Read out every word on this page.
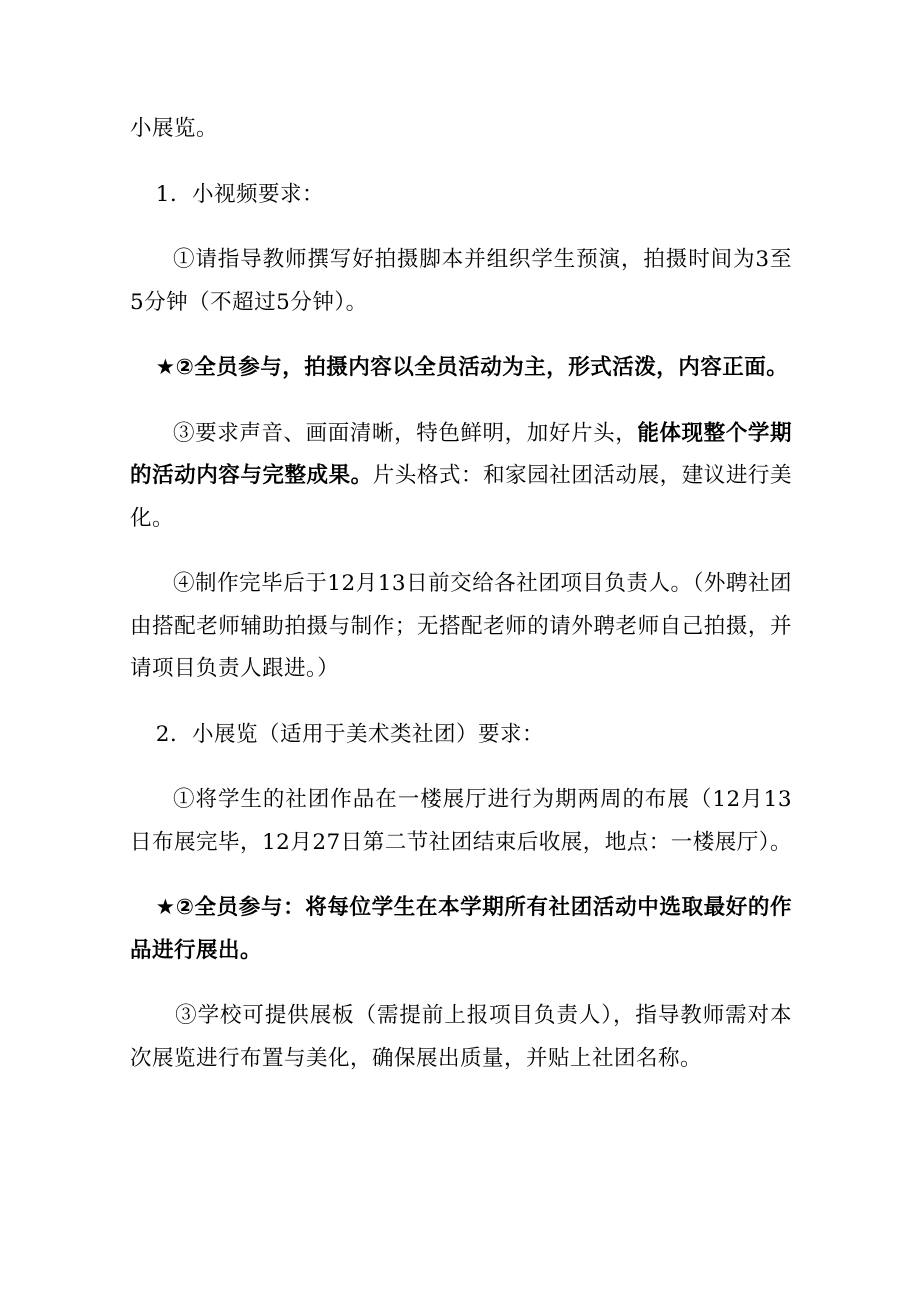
小展览。

1．小视频要求：

①请指导教师撰写好拍摄脚本并组织学生预演，拍摄时间为3至5分钟（不超过5分钟）。

★②全员参与，拍摄内容以全员活动为主，形式活泼，内容正面。

③要求声音、画面清晰，特色鲜明，加好片头，能体现整个学期的活动内容与完整成果。片头格式：和家园社团活动展，建议进行美化。

④制作完毕后于12月13日前交给各社团项目负责人。（外聘社团由搭配老师辅助拍摄与制作；无搭配老师的请外聘老师自己拍摄，并请项目负责人跟进。）

2．小展览（适用于美术类社团）要求：

①将学生的社团作品在一楼展厅进行为期两周的布展（12月13日布展完毕，12月27日第二节社团结束后收展，地点：一楼展厅）。

★②全员参与：将每位学生在本学期所有社团活动中选取最好的作品进行展出。

③学校可提供展板（需提前上报项目负责人），指导教师需对本次展览进行布置与美化，确保展出质量，并贴上社团名称。
